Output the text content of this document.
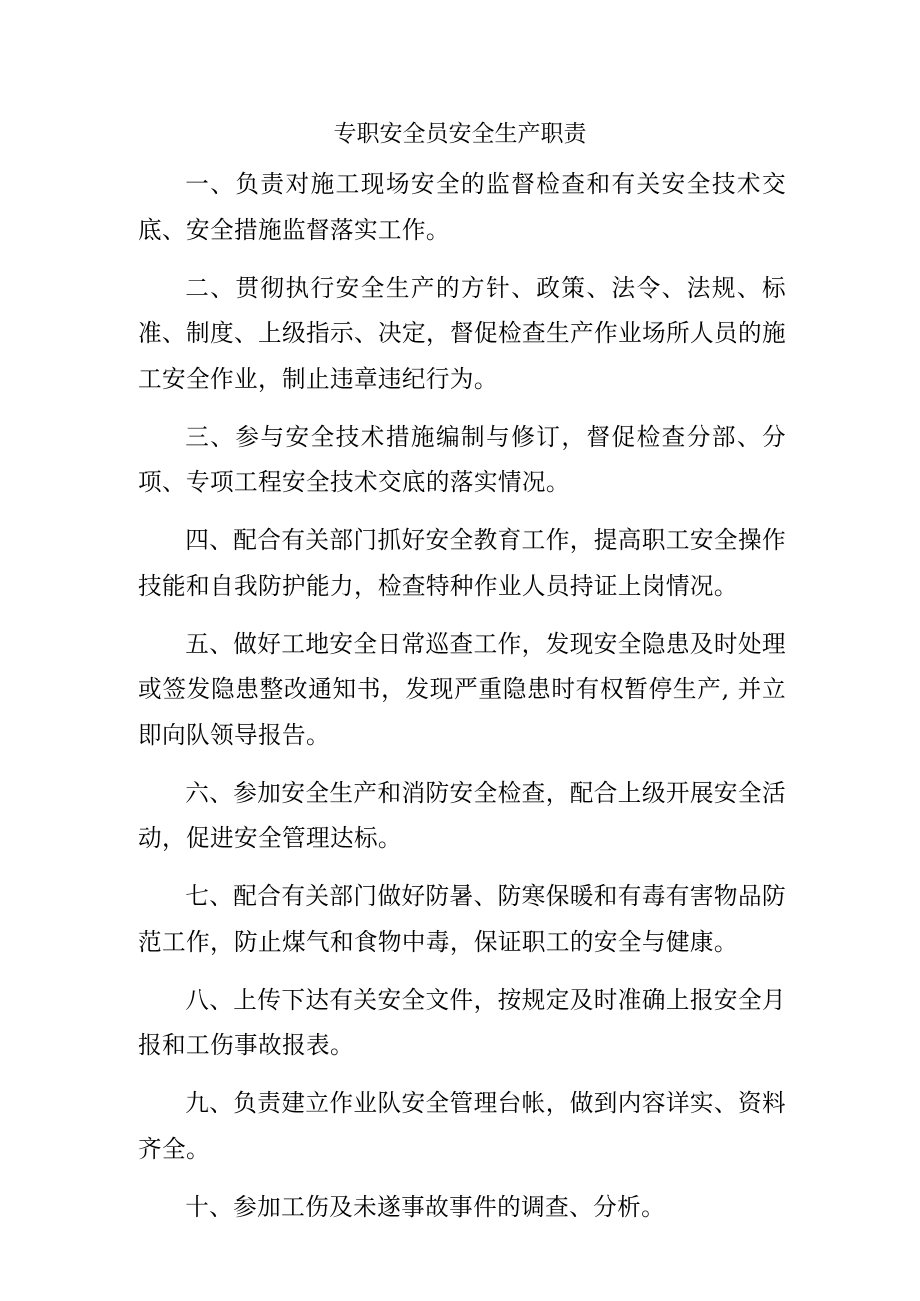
专职安全员安全生产职责

一、负责对施工现场安全的监督检查和有关安全技术交底、安全措施监督落实工作。

二、贯彻执行安全生产的方针、政策、法令、法规、标准、制度、上级指示、决定，督促检查生产作业场所人员的施工安全作业，制止违章违纪行为。

三、参与安全技术措施编制与修订，督促检查分部、分项、专项工程安全技术交底的落实情况。

四、配合有关部门抓好安全教育工作，提高职工安全操作技能和自我防护能力，检查特种作业人员持证上岗情况。

五、做好工地安全日常巡查工作，发现安全隐患及时处理或签发隐患整改通知书，发现严重隐患时有权暂停生产, 并立即向队领导报告。

六、参加安全生产和消防安全检查，配合上级开展安全活动，促进安全管理达标。

七、配合有关部门做好防暑、防寒保暖和有毒有害物品防范工作，防止煤气和食物中毒，保证职工的安全与健康。

八、上传下达有关安全文件，按规定及时准确上报安全月报和工伤事故报表。

九、负责建立作业队安全管理台帐，做到内容详实、资料齐全。

十、参加工伤及未遂事故事件的调查、分析。
